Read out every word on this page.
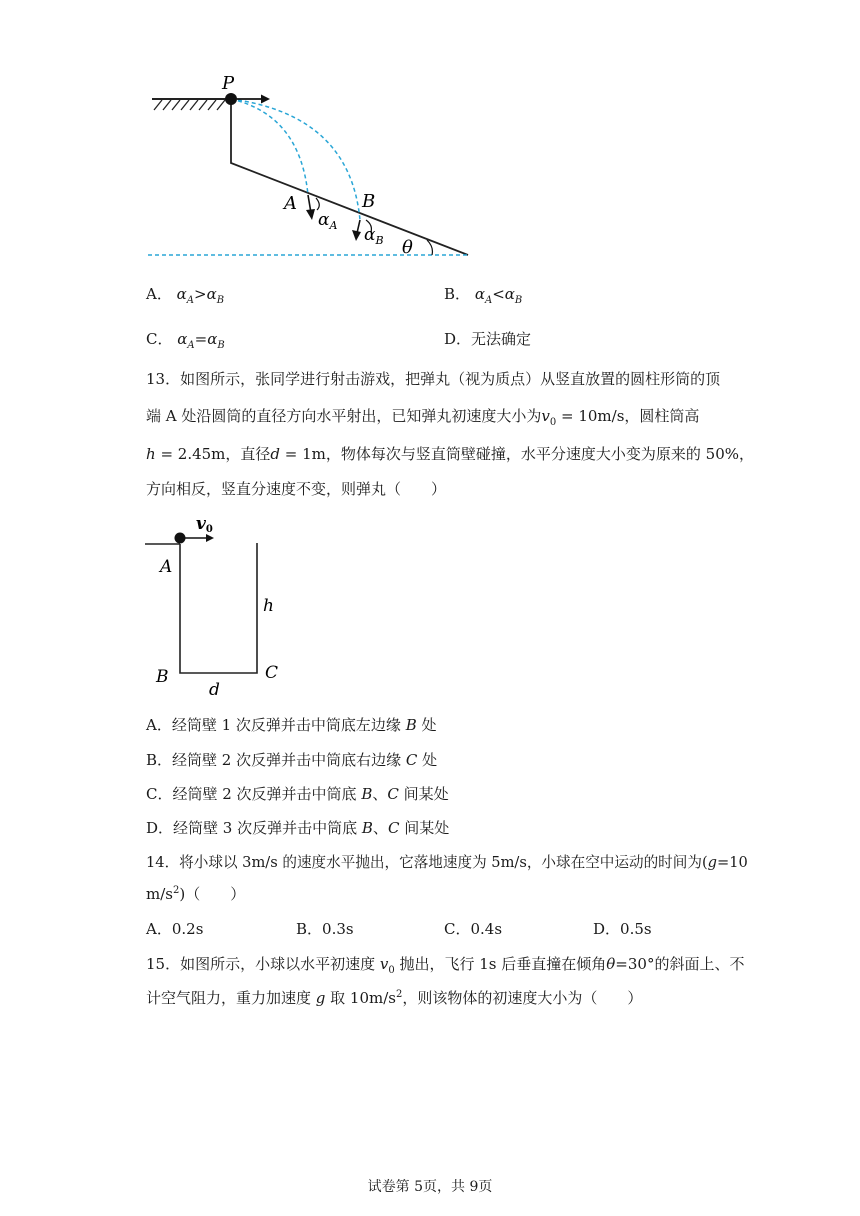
P
A	B
$\alpha_A$ $\alpha_B$ θ
A． $\alpha_A>\alpha_B$	B． $\alpha_A<\alpha_B$
C． $\alpha_A=\alpha_B$	D．无法确定
13．如图所示，张同学进行射击游戏，把弹丸（视为质点）从竖直放置的圆柱形筒的顶
端 A 处沿圆筒的直径方向水平射出，已知弹丸初速度大小为$v_0 = 10m/s$，圆柱筒高
h = 2.45m，直径d = 1m，物体每次与竖直筒壁碰撞，水平分速度大小变为原来的 50%，
方向相反，竖直分速度不变，则弹丸（　　）
v0
A
h
B	C
d
A．经筒壁 1 次反弹并击中筒底左边缘 B 处
B．经筒壁 2 次反弹并击中筒底右边缘 C 处
C．经筒壁 2 次反弹并击中筒底 B、C 间某处
D．经筒壁 3 次反弹并击中筒底 B、C 间某处
14．将小球以 3m/s 的速度水平抛出，它落地速度为 5m/s，小球在空中运动的时间为(g=10
$m/s^2$)（　　）
A．0.2s	B．0.3s	C．0.4s	D．0.5s
15．如图所示，小球以水平初速度 $v_0$ 抛出，飞行 1s 后垂直撞在倾角θ=30°的斜面上、不
计空气阻力，重力加速度 g 取 $10m/s^2$，则该物体的初速度大小为（　　）
试卷第 5页，共 9页
